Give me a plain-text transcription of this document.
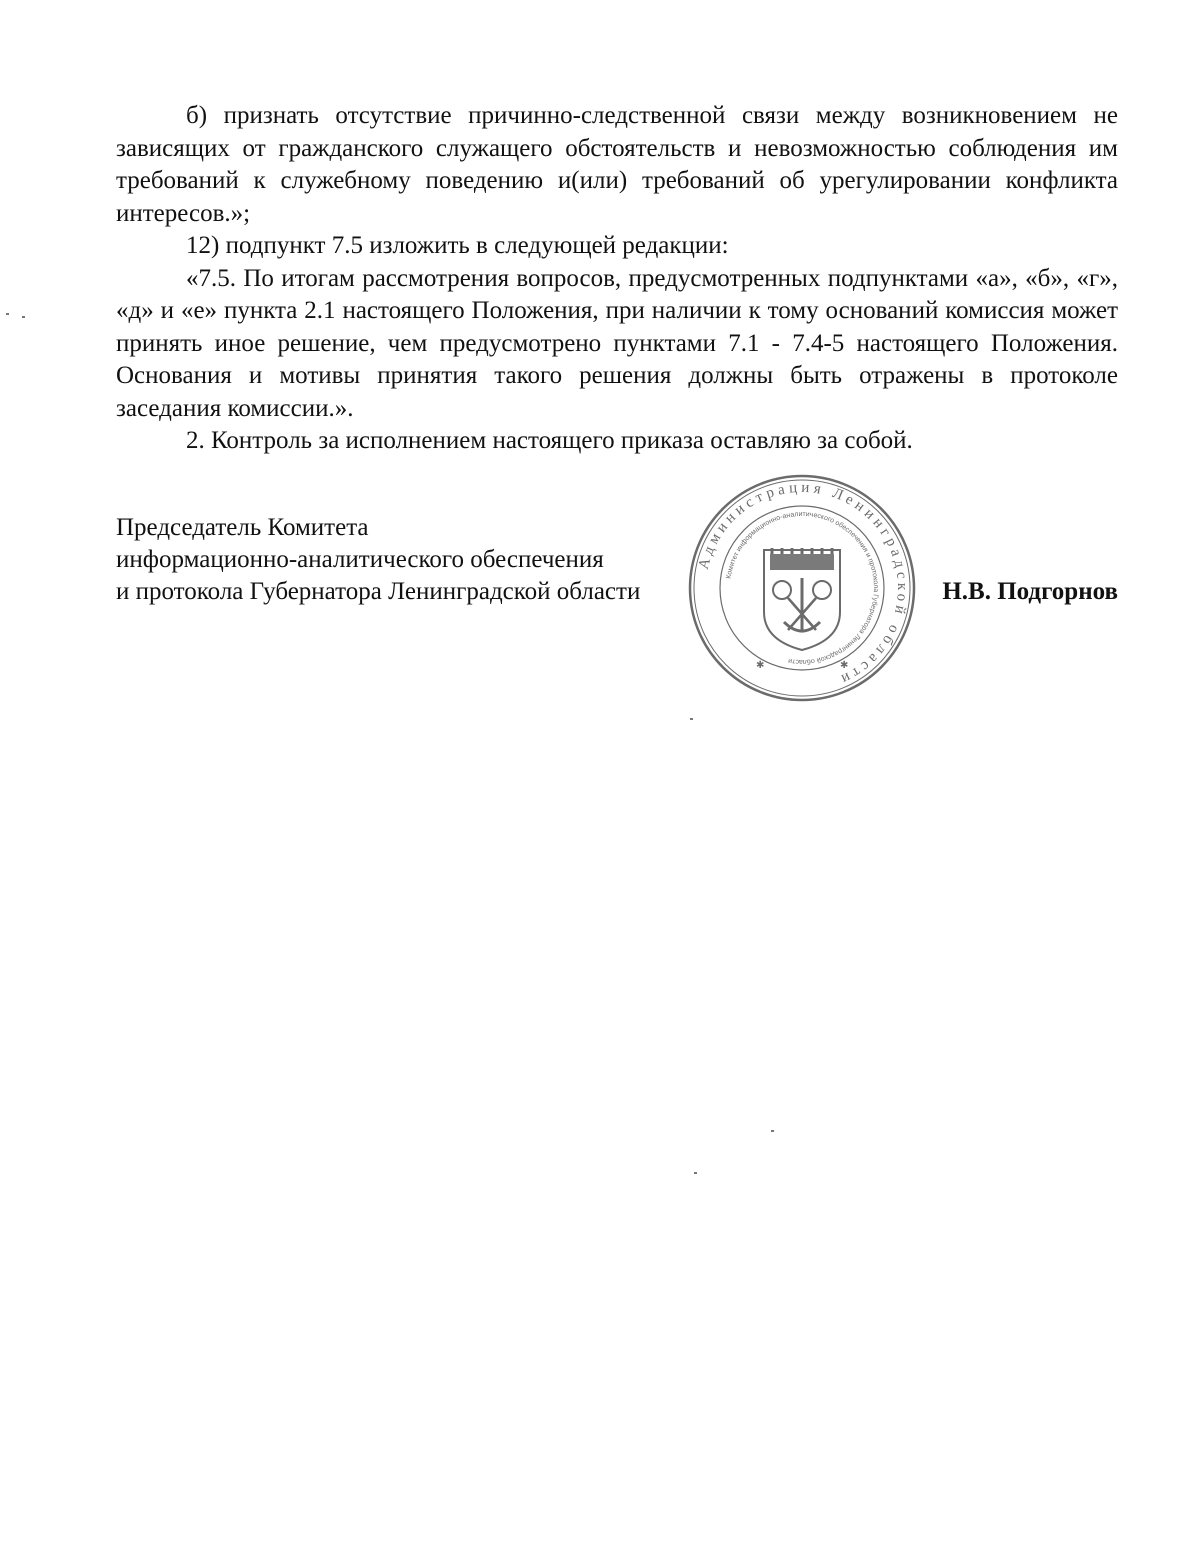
б) признать отсутствие причинно-следственной связи между возникновением не зависящих от гражданского служащего обстоятельств и невозможностью соблюдения им требований к служебному поведению и(или) требований об урегулировании конфликта интересов.»;

12) подпункт 7.5 изложить в следующей редакции:

«7.5. По итогам рассмотрения вопросов, предусмотренных подпунктами «а», «б», «г», «д» и «е» пункта 2.1 настоящего Положения, при наличии к тому оснований комиссия может принять иное решение, чем предусмотрено пунктами 7.1 - 7.4-5 настоящего Положения. Основания и мотивы принятия такого решения должны быть отражены в протоколе заседания комиссии.».

2. Контроль за исполнением настоящего приказа оставляю за собой.

Председатель Комитета
информационно-аналитического обеспечения
и протокола Губернатора Ленинградской области	Н.В. Подгорнов
Администрация Ленинградской области
Комитет информационно-аналитического обеспечения и протокола Губернатора Ленинградской области
✱	✱
